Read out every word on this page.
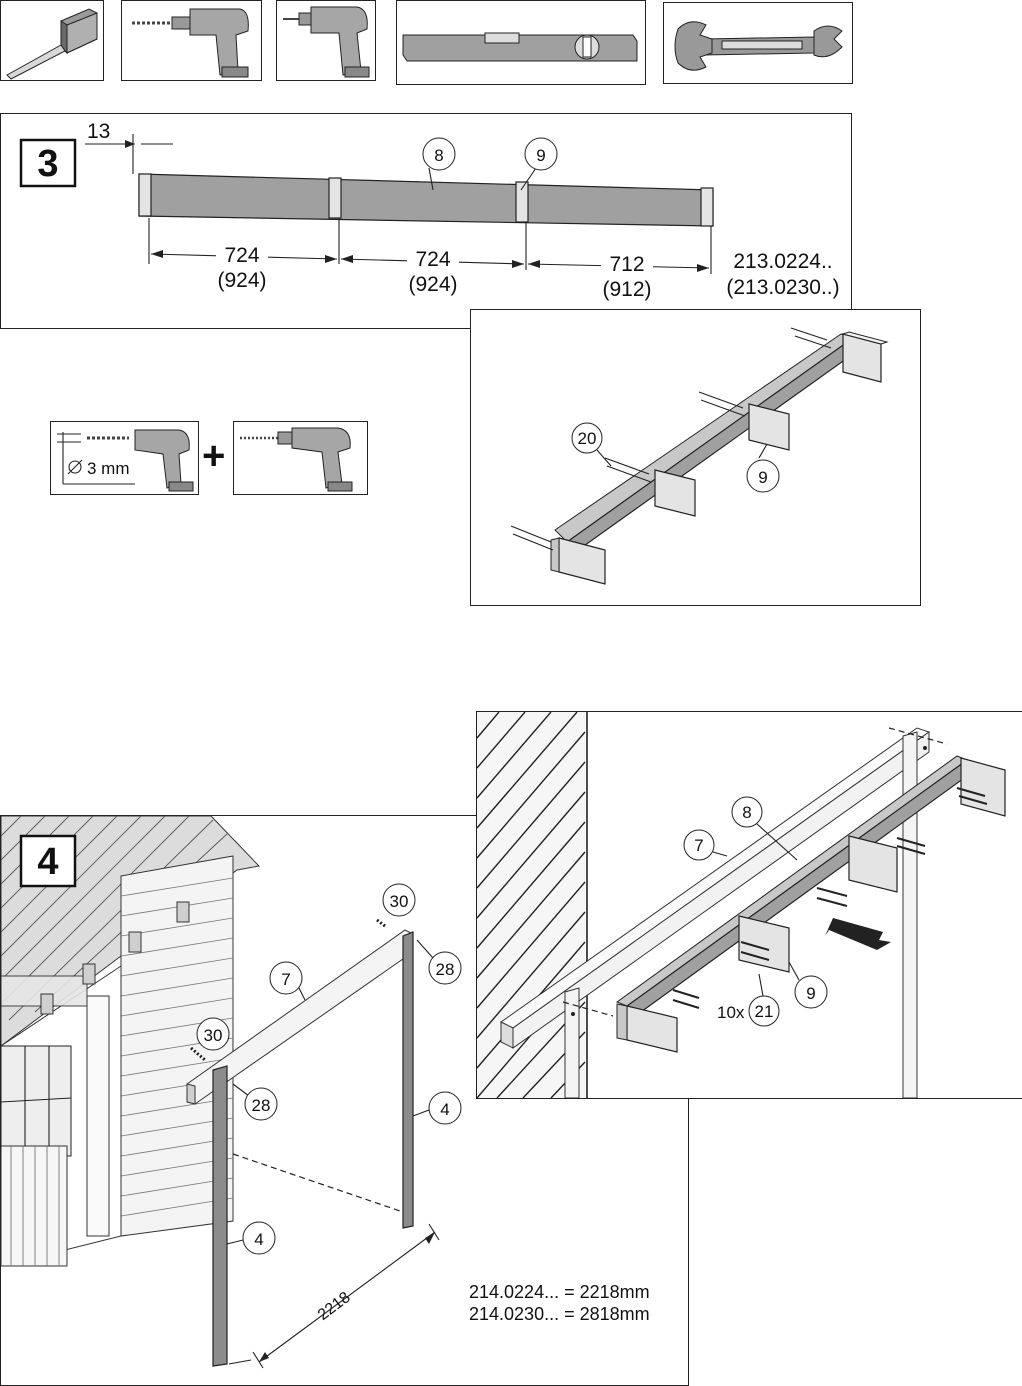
3
13
8	9
724
(924)
724
(924)
712
(912)
213.0224..
(213.0230..)
3 mm +	20
9
4
2218
30
28
7
30
28	4
4
214.0224... = 2218mm
214.0230... = 2818mm
8
7
9
10x 21
